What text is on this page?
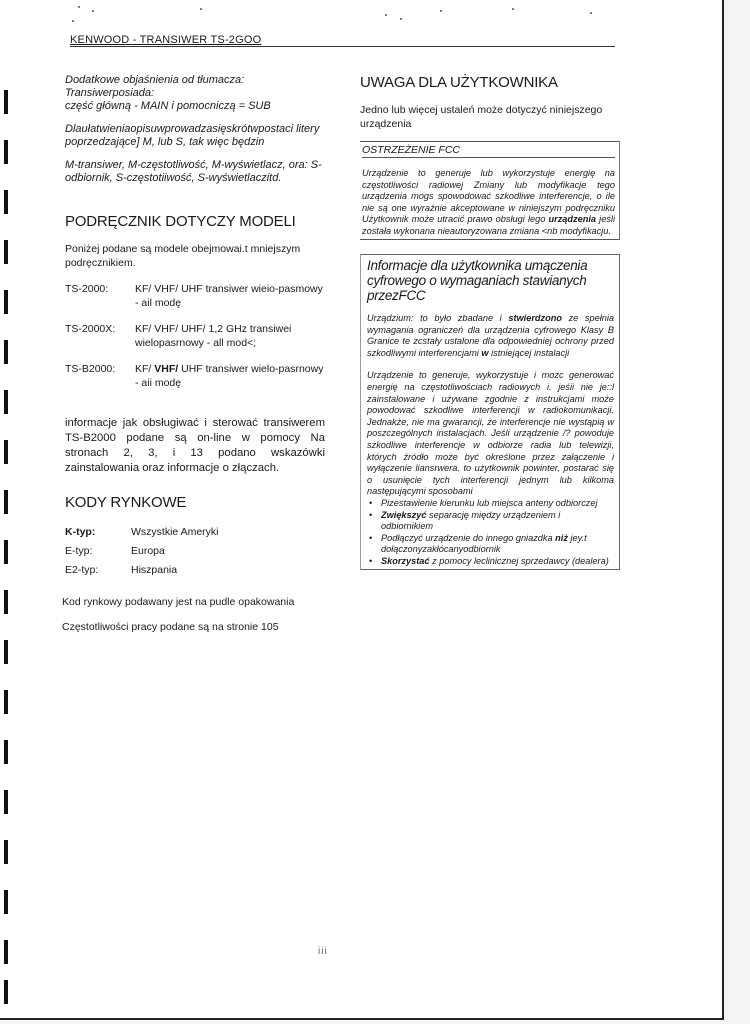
KENWOOD - TRANSIWER TS-2GOO

Dodatkowe objaśnienia od tłumacza:

Transiwerposiada:

część główną - MAIN i pomocniczą = SUB

Dlaułatwieniaopisuwprowadzasięskrótwpostaci litery poprzedzające] M, lub S, tak więc będzin

M-transiwer, M-częstotliwość, M-wyświetlacz, ora: S-odbiornik, S-częstotiiwość, S-wyświetlaczitd.

PODRĘCZNIK DOTYCZY MODELI

Poniżej podane są modele obejmowai.t mniejszym podręcznikiem.

TS-2000:	KF/ VHF/ UHF transiwer wieio-pasmowy - ail modę
TS-2000X:	KF/ VHF/ UHF/ 1,2 GHz transiwei wielopasrnowy - all mod<;
TS-B2000:	KF/ VHF/ UHF transiwer wielo-pasrnowy - aii modę

informacje jak obsługiwać i sterować transiwerem TS-B2000 podane są on-line w pomocy Na stronach 2, 3, i 13 podano wskazówki zainstalowania oraz informacje o złączach.

KODY RYNKOWE
K-typ:	Wszystkie Ameryki
E-typ:	Europa
E2-typ:	Hiszpania

Kod rynkowy podawany jest na pudle opakowania

Częstotliwości pracy podane są na stronie 105

UWAGA DLA UŻYTKOWNIKA

Jedno lub więcej ustaleń może dotyczyć niniejszego urządzenia

OSTRZEŻENIE FCC
Urządzenie to generuje lub wykorzystuje energię na częstotliwości radiowej Zmiany lub modyfikacje tego urządzenia mogs spowodować szkodliwe interferencje, o ile nie są one wyraźnie akceptowane w niniejszym podręczniku Użytkownik może utracić prawo obsługi lego urządzenia jeśli została wykonana nieautoryzowana zmiana <nb modyfikacju.
Informacje dla użytkownika umączenia cyfrowego o wymaganiach stawianych przezFCC

Urządzium: to było zbadane i stwierdzono ze spełnia wymagania ograniczeń dla urządzenia cyfrowego Klasy B Granice te zcstały ustalone dla odpowiedniej ochrony przed szkodliwymi interferencjami w istniejącej instalacji

Urządzenie to generuje, wykorzystuje i mozc generować energię na częstotliwościach radiowych i. jeśii nie je::l zainstalowane i używane zgodnie z instrukcjami może powodować szkodliwe interferencji w radiokomunikacji. Jednakże, nie ma gwarancji, że interferencje nie wystąpią w poszczególnych instalacjach. Jeśli urządzenie /? powoduje szkodliwe interferencje w odbiorze radia lub telewizji, których źródło może być określone przez załączenie i wyłączenie liansrwera. to użytkownik powinter, postarać się o usunięcie tych interferencji jednym lub kilkoma następującymi sposobami

• Pizestawienie kierunku lub miejsca anteny odbiorczej
• Zwiększyć separację między urządzeniem i odbiornikiem
• Podłączyć urządzenie do innego gniazdka niż jey.t dołączonyzakłócanyodbiornik
• Skorzystać z pomocy leclinicznej sprzedawcy (dealera)
iii
